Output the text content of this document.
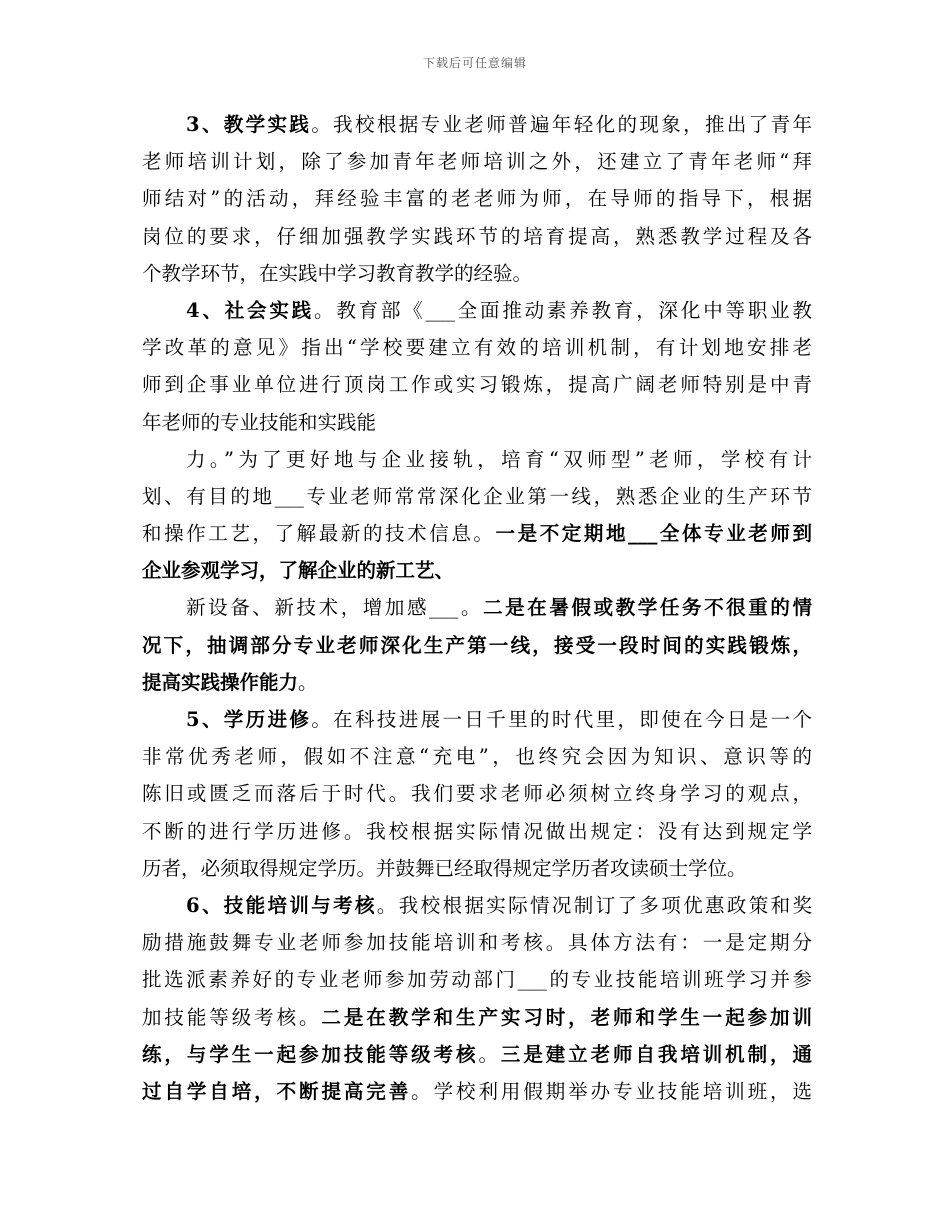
下载后可任意编辑
3、教学实践。我校根据专业老师普遍年轻化的现象，推出了青年
老师培训计划，除了参加青年老师培训之外，还建立了青年老师“拜
师结对”的活动，拜经验丰富的老老师为师，在导师的指导下，根据
岗位的要求，仔细加强教学实践环节的培育提高，熟悉教学过程及各
个教学环节，在实践中学习教育教学的经验。
4、社会实践。教育部《___全面推动素养教育，深化中等职业教
学改革的意见》指出“学校要建立有效的培训机制，有计划地安排老
师到企事业单位进行顶岗工作或实习锻炼，提高广阔老师特别是中青
年老师的专业技能和实践能
力。”为了更好地与企业接轨，培育“双师型”老师，学校有计
划、有目的地___专业老师常常深化企业第一线，熟悉企业的生产环节
和操作工艺，了解最新的技术信息。一是不定期地___全体专业老师到
企业参观学习，了解企业的新工艺、
新设备、新技术，增加感___。二是在暑假或教学任务不很重的情
况下，抽调部分专业老师深化生产第一线，接受一段时间的实践锻炼，
提高实践操作能力。
5、学历进修。在科技进展一日千里的时代里，即使在今日是一个
非常优秀老师，假如不注意“充电”，也终究会因为知识、意识等的
陈旧或匮乏而落后于时代。我们要求老师必须树立终身学习的观点，
不断的进行学历进修。我校根据实际情况做出规定：没有达到规定学
历者，必须取得规定学历。并鼓舞已经取得规定学历者攻读硕士学位。
6、技能培训与考核。我校根据实际情况制订了多项优惠政策和奖
励措施鼓舞专业老师参加技能培训和考核。具体方法有：一是定期分
批选派素养好的专业老师参加劳动部门___的专业技能培训班学习并参
加技能等级考核。二是在教学和生产实习时，老师和学生一起参加训
练，与学生一起参加技能等级考核。三是建立老师自我培训机制，通
过自学自培，不断提高完善。学校利用假期举办专业技能培训班，选
